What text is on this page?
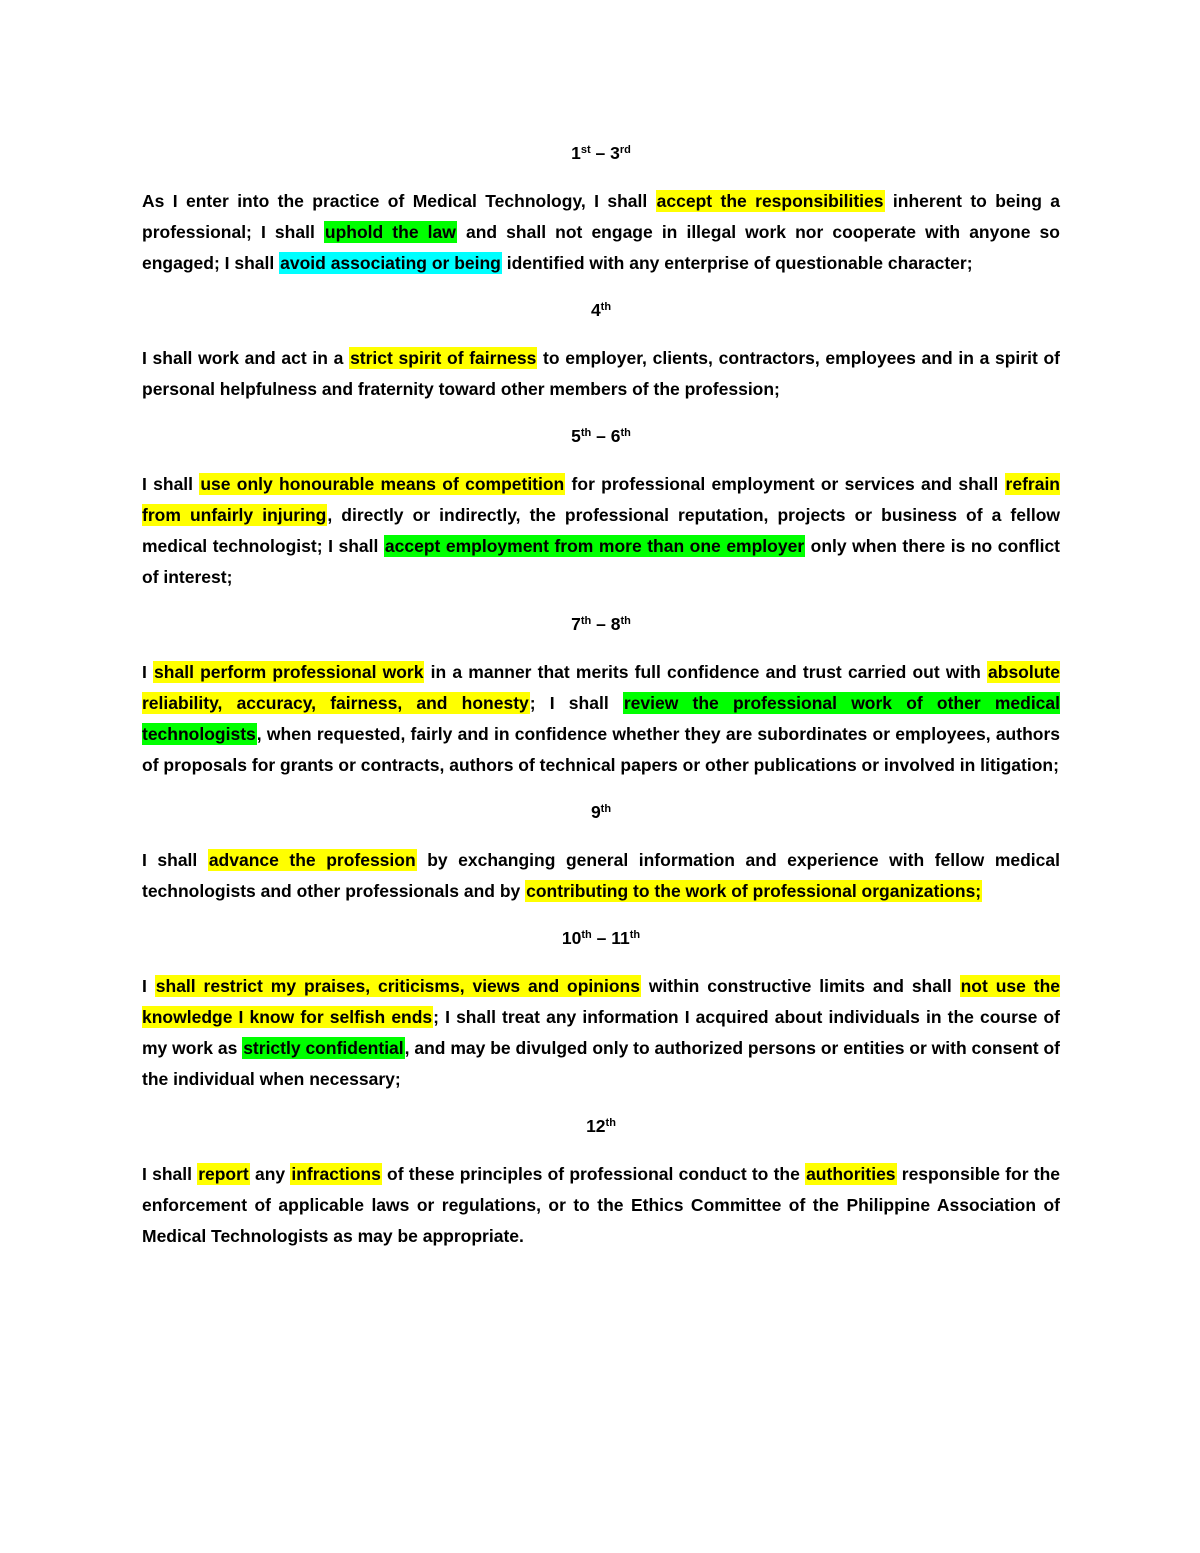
1st – 3rd

As I enter into the practice of Medical Technology, I shall accept the responsibilities inherent to being a professional; I shall uphold the law and shall not engage in illegal work nor cooperate with anyone so engaged; I shall avoid associating or being identified with any enterprise of questionable character;

4th

I shall work and act in a strict spirit of fairness to employer, clients, contractors, employees and in a spirit of personal helpfulness and fraternity toward other members of the profession;

5th – 6th

I shall use only honourable means of competition for professional employment or services and shall refrain from unfairly injuring, directly or indirectly, the professional reputation, projects or business of a fellow medical technologist; I shall accept employment from more than one employer only when there is no conflict of interest;

7th – 8th

I shall perform professional work in a manner that merits full confidence and trust carried out with absolute reliability, accuracy, fairness, and honesty; I shall review the professional work of other medical technologists, when requested, fairly and in confidence whether they are subordinates or employees, authors of proposals for grants or contracts, authors of technical papers or other publications or involved in litigation;

9th

I shall advance the profession by exchanging general information and experience with fellow medical technologists and other professionals and by contributing to the work of professional organizations;

10th – 11th

I shall restrict my praises, criticisms, views and opinions within constructive limits and shall not use the knowledge I know for selfish ends; I shall treat any information I acquired about individuals in the course of my work as strictly confidential, and may be divulged only to authorized persons or entities or with consent of the individual when necessary;

12th

I shall report any infractions of these principles of professional conduct to the authorities responsible for the enforcement of applicable laws or regulations, or to the Ethics Committee of the Philippine Association of Medical Technologists as may be appropriate.
